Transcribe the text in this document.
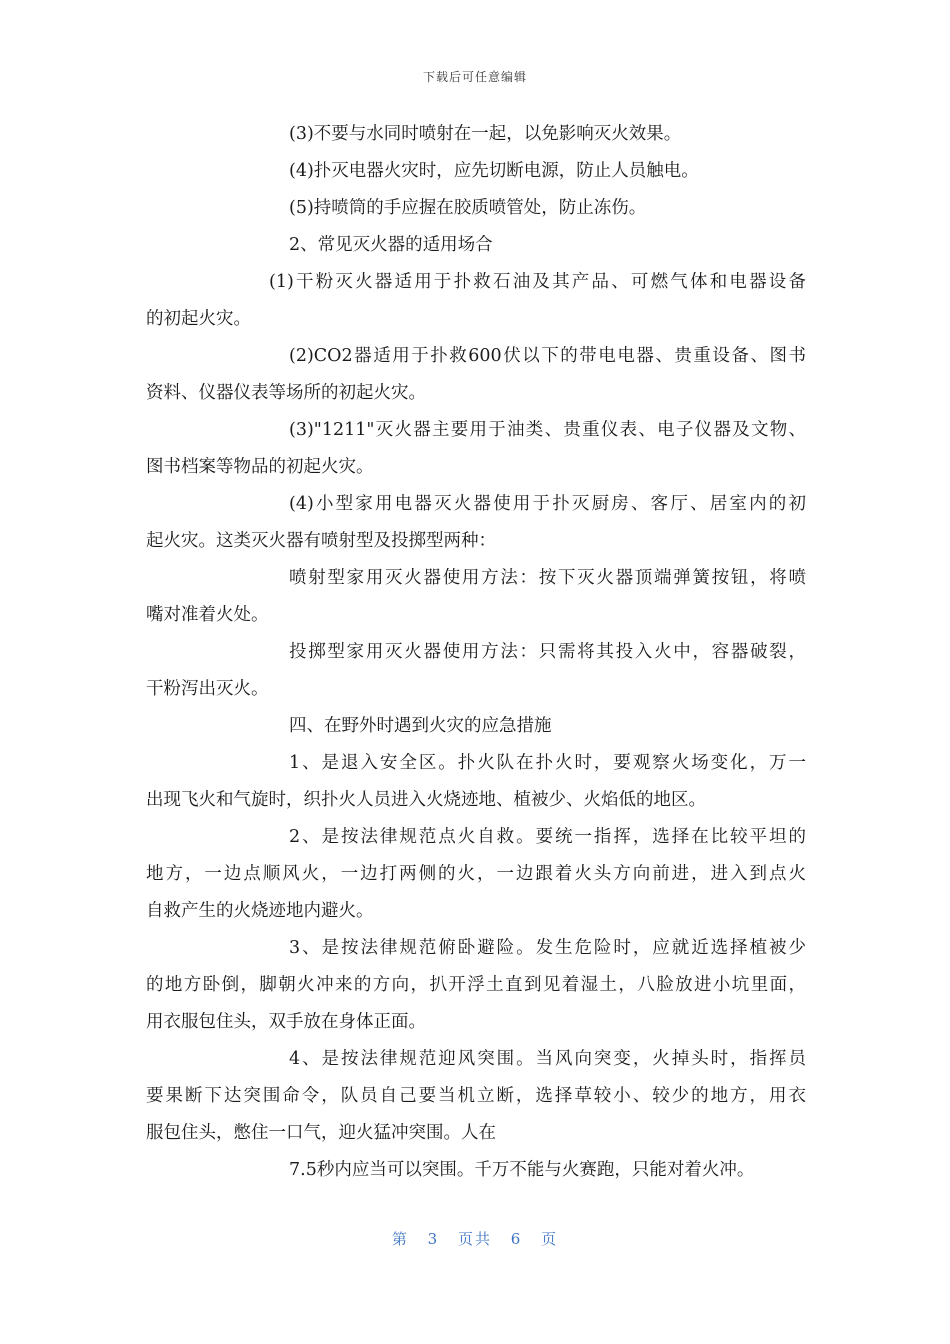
下载后可任意编辑
(3)不要与水同时喷射在一起，以免影响灭火效果。
(4)扑灭电器火灾时，应先切断电源，防止人员触电。
(5)持喷筒的手应握在胶质喷管处，防止冻伤。
2、常见灭火器的适用场合
(1)干粉灭火器适用于扑救石油及其产品、可燃气体和电器设备
的初起火灾。
(2)CO2器适用于扑救600伏以下的带电电器、贵重设备、图书
资料、仪器仪表等场所的初起火灾。
(3)"1211"灭火器主要用于油类、贵重仪表、电子仪器及文物、
图书档案等物品的初起火灾。
(4)小型家用电器灭火器使用于扑灭厨房、客厅、居室内的初
起火灾。这类灭火器有喷射型及投掷型两种：
喷射型家用灭火器使用方法：按下灭火器顶端弹簧按钮，将喷
嘴对准着火处。
投掷型家用灭火器使用方法：只需将其投入火中，容器破裂，
干粉泻出灭火。
四、在野外时遇到火灾的应急措施
1、是退入安全区。扑火队在扑火时，要观察火场变化，万一
出现飞火和气旋时，织扑火人员进入火烧迹地、植被少、火焰低的地区。
2、是按法律规范点火自救。要统一指挥，选择在比较平坦的
地方，一边点顺风火，一边打两侧的火，一边跟着火头方向前进，进入到点火
自救产生的火烧迹地内避火。
3、是按法律规范俯卧避险。发生危险时，应就近选择植被少
的地方卧倒，脚朝火冲来的方向，扒开浮土直到见着湿土，八脸放进小坑里面，
用衣服包住头，双手放在身体正面。
4、是按法律规范迎风突围。当风向突变，火掉头时，指挥员
要果断下达突围命令，队员自己要当机立断，选择草较小、较少的地方，用衣
服包住头，憋住一口气，迎火猛冲突围。人在
7.5秒内应当可以突围。千万不能与火赛跑，只能对着火冲。
第 3 页共 6 页
